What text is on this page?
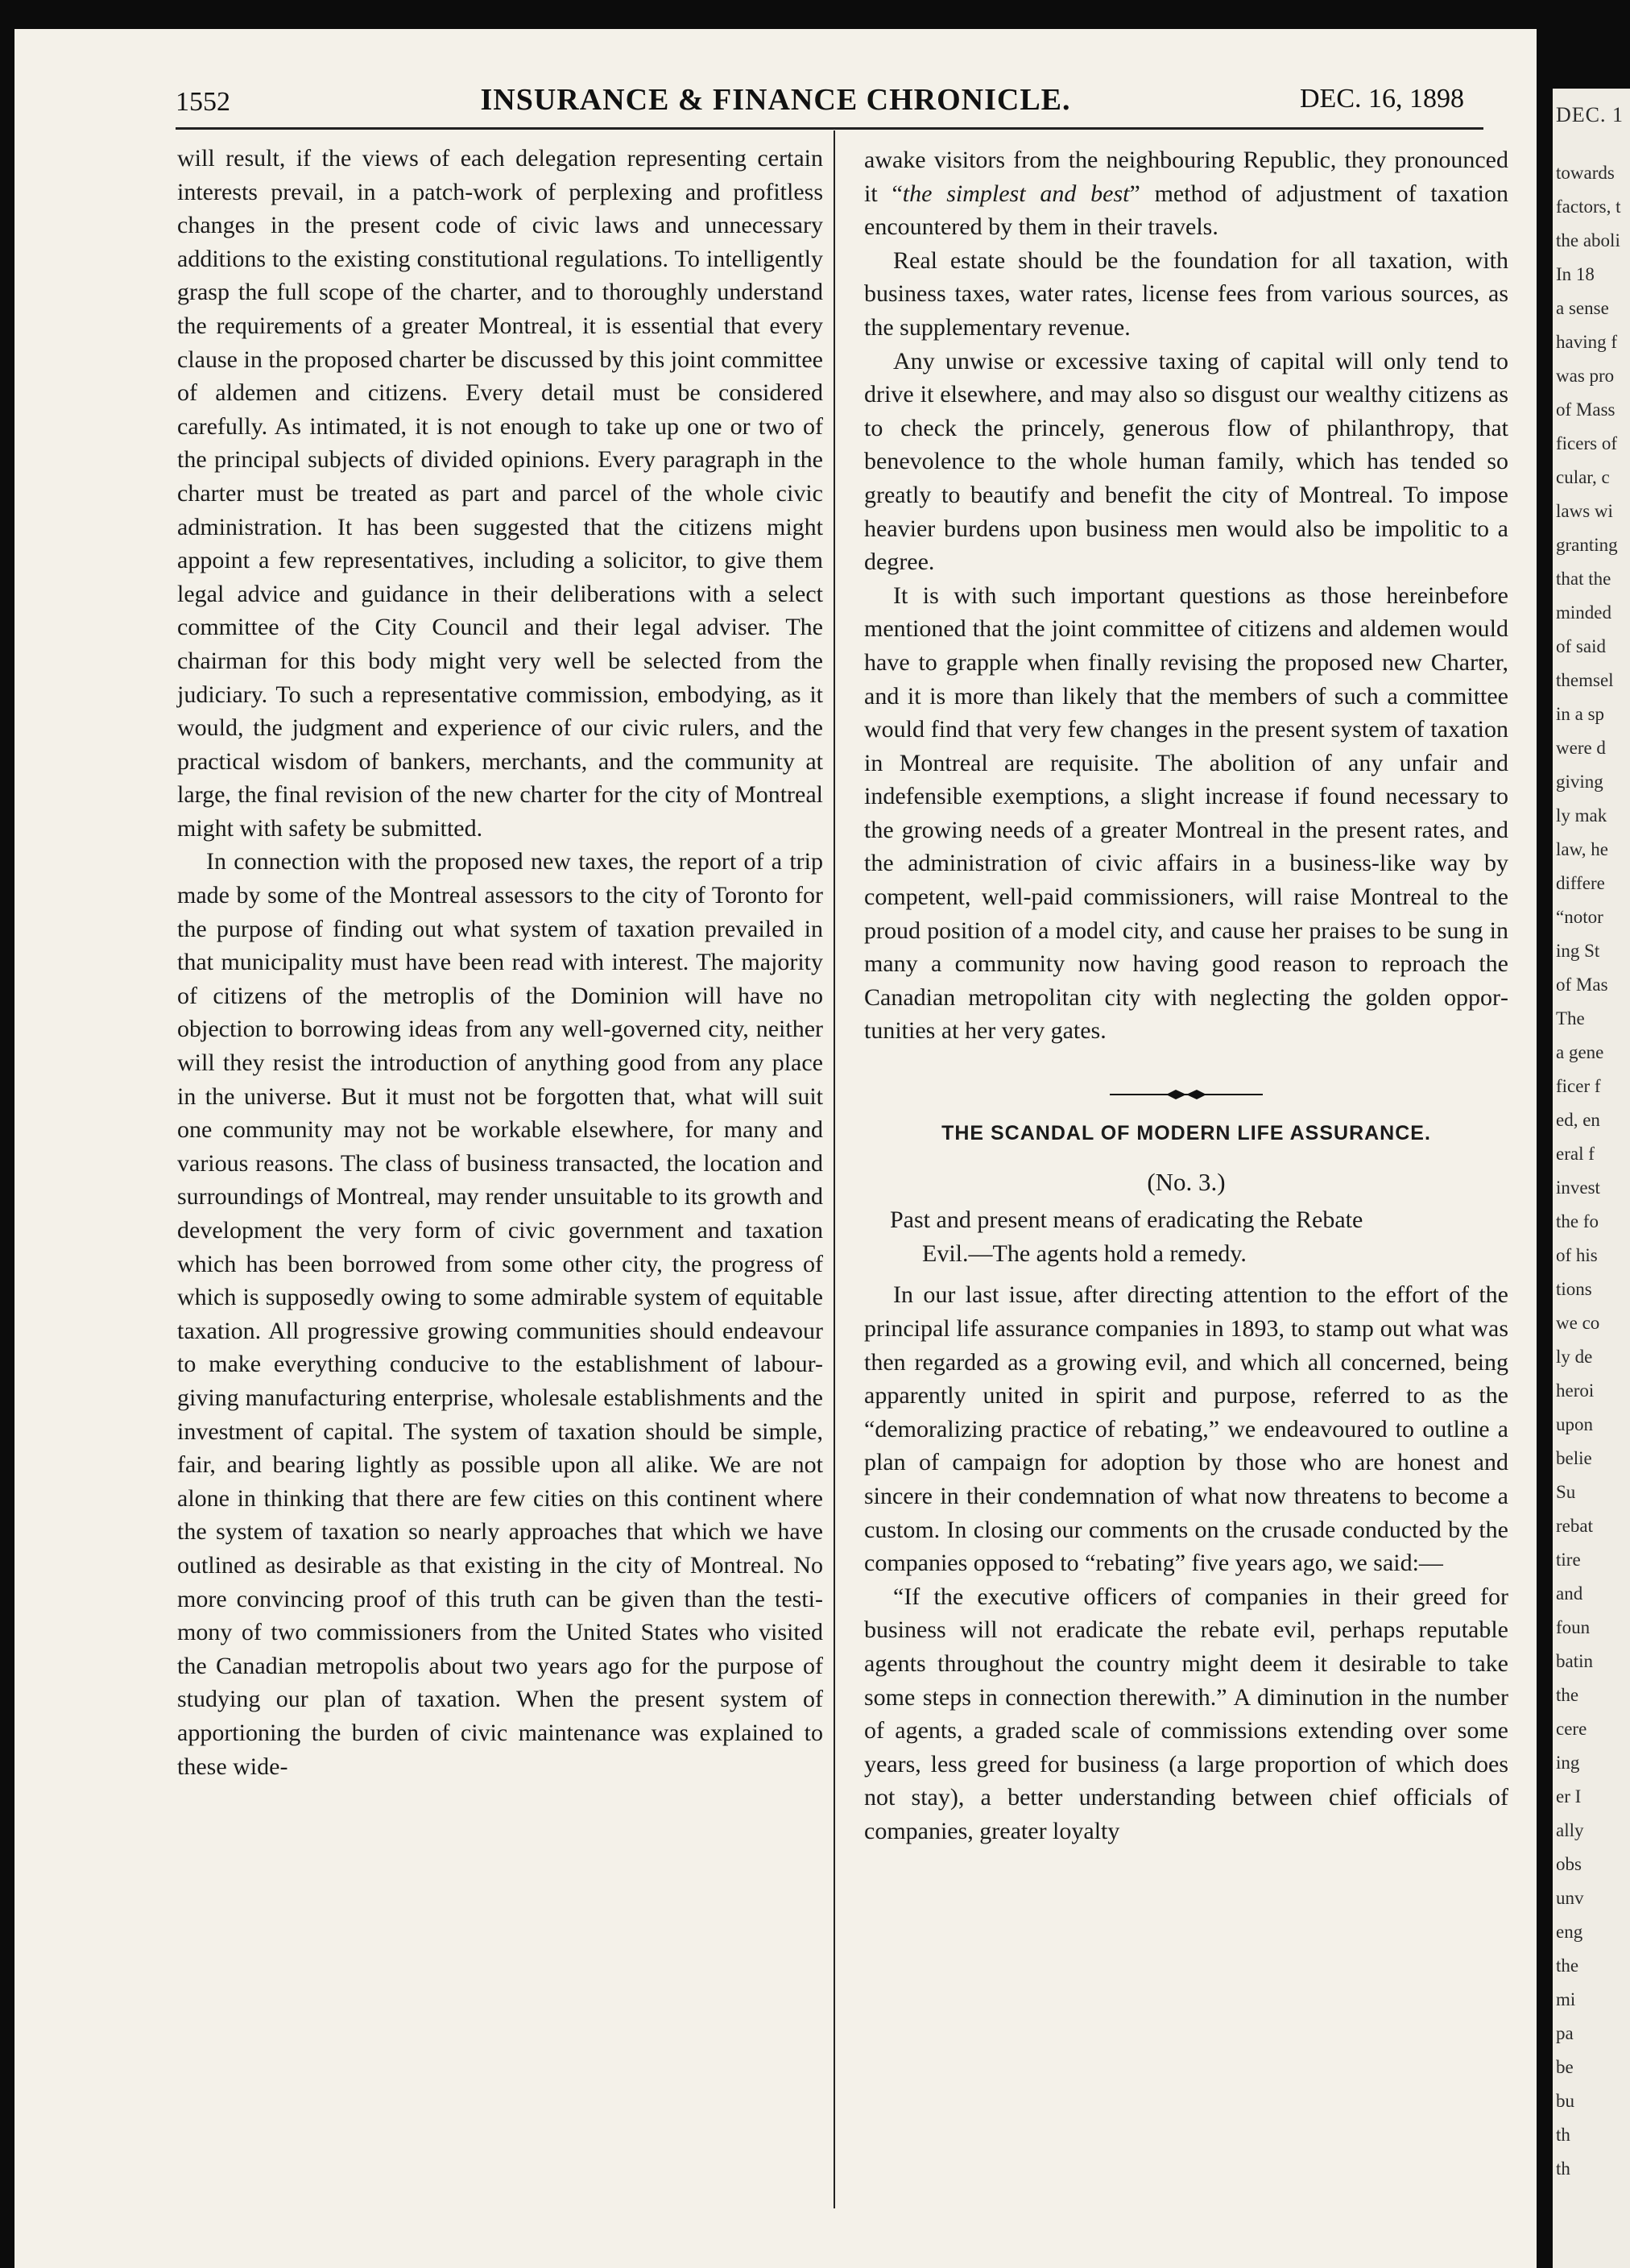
1552	INSURANCE & FINANCE CHRONICLE.	DEC. 16, 1898

will result, if the views of each delegation representing certain interests prevail, in a patch-work of perplexing and profitless changes in the present code of civic laws and unnecessary additions to the existing constitutional regulations. To intelligently grasp the full scope of the charter, and to thoroughly understand the requirements of a greater Montreal, it is essential that every clause in the proposed charter be discussed by this joint committee of aldemen and citizens. Every detail must be considered carefully. As intimated, it is not enough to take up one or two of the principal subjects of divided opinions. Every paragraph in the charter must be treated as part and parcel of the whole civic administration. It has been suggested that the citizens might appoint a few representatives, including a solicitor, to give them legal advice and guidance in their deliberations with a select committee of the City Council and their legal adviser. The chairman for this body might very well be selected from the judiciary. To such a representative commission, embodying, as it would, the judgment and experience of our civic rulers, and the practical wisdom of bankers, merchants, and the community at large, the final revision of the new charter for the city of Montreal might with safety be submitted.

In connection with the proposed new taxes, the report of a trip made by some of the Montreal assessors to the city of Toronto for the purpose of finding out what system of taxation prevailed in that municipality must have been read with interest. The majority of citizens of the metroplis of the Dominion will have no objection to borrowing ideas from any well-governed city, neither will they resist the introduction of anything good from any place in the universe. But it must not be forgotten that, what will suit one community may not be workable elsewhere, for many and various reasons. The class of business transacted, the location and surroundings of Montreal, may render unsuitable to its growth and development the very form of civic government and taxation which has been borrowed from some other city, the progress of which is supposedly owing to some admirable system of equitable taxation. All progressive growing communities should endeavour to make everything conducive to the establishment of labour-giving manufacturing enterprise, wholesale establishments and the investment of capital. The system of taxation should be simple, fair, and bearing lightly as possible upon all alike. We are not alone in thinking that there are few cities on this continent where the system of taxation so nearly approaches that which we have outlined as desirable as that existing in the city of Montreal. No more convincing proof of this truth can be given than the testimony of two commissioners from the United States who visited the Canadian metropolis about two years ago for the purpose of studying our plan of taxation. When the present system of apportioning the burden of civic maintenance was explained to these wide-

awake visitors from the neighbouring Republic, they pronounced it “the simplest and best” method of adjustment of taxation encountered by them in their travels.

Real estate should be the foundation for all taxation, with business taxes, water rates, license fees from various sources, as the supplementary revenue.

Any unwise or excessive taxing of capital will only tend to drive it elsewhere, and may also so disgust our wealthy citizens as to check the princely, generous flow of philanthropy, that benevolence to the whole human family, which has tended so greatly to beautify and benefit the city of Montreal. To impose heavier burdens upon business men would also be impolitic to a degree.

It is with such important questions as those hereinbefore mentioned that the joint committee of citizens and aldemen would have to grapple when finally revising the proposed new Charter, and it is more than likely that the members of such a committee would find that very few changes in the present system of taxation in Montreal are requisite. The abolition of any unfair and indefensible exemptions, a slight increase if found necessary to the growing needs of a greater Montreal in the present rates, and the administration of civic affairs in a business-like way by competent, well-paid commissioners, will raise Montreal to the proud position of a model city, and cause her praises to be sung in many a community now having good reason to reproach the Canadian metropolitan city with neglecting the golden opportunities at her very gates.

THE SCANDAL OF MODERN LIFE ASSURANCE.
(No. 3.)
Past and present means of eradicating the Rebate
Evil.—The agents hold a remedy.

In our last issue, after directing attention to the effort of the principal life assurance companies in 1893, to stamp out what was then regarded as a growing evil, and which all concerned, being apparently united in spirit and purpose, referred to as the “demoralizing practice of rebating,” we endeavoured to outline a plan of campaign for adoption by those who are honest and sincere in their condemnation of what now threatens to become a custom. In closing our comments on the crusade conducted by the companies opposed to “rebating” five years ago, we said:—

“If the executive officers of companies in their greed for business will not eradicate the rebate evil, perhaps reputable agents throughout the country might deem it desirable to take some steps in connection therewith.” A diminution in the number of agents, a graded scale of commissions extending over some years, less greed for business (a large proportion of which does not stay), a better understanding between chief officials of companies, greater loyalty

DEC. 1
towards
factors, t
the aboli
In 18
a sense
having f
was pro
of Mass
ficers of
cular, c
laws wi
granting
that the
minded
of said
themsel
in a sp
were d
giving
ly mak
law, he
differe
“notor
ing St
of Mas
The
a gene
ficer f
ed, en
eral f
invest
the fo
of his
tions
we co
ly de
heroi
upon
belie
Su
rebat
tire
and
foun
batin
the
cere
ing
er I
ally
obs
unv
eng
the
mi
pa
be
bu
th
th
